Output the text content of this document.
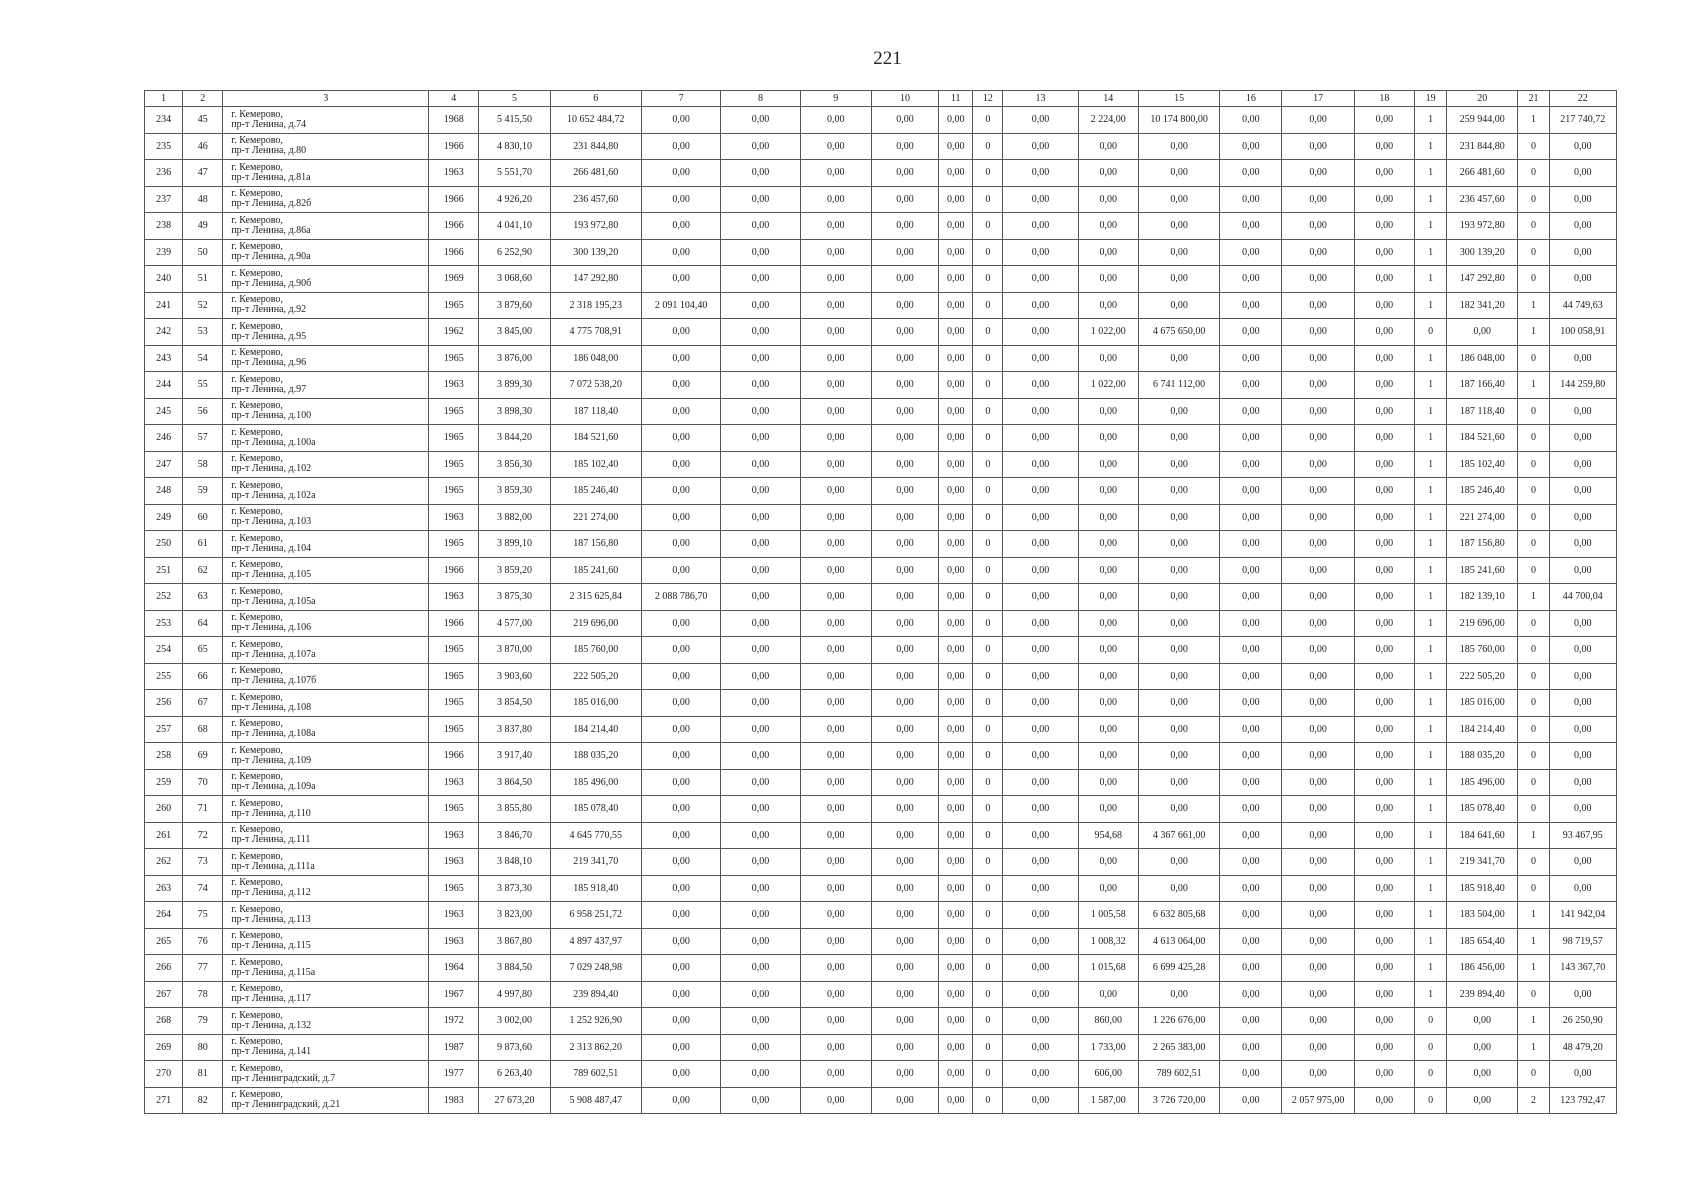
221
1	2	3	4	5	6	7	8	9	10	11	12	13	14	15	16	17	18	19	20	21	22
234	45	г. Кемерово,
пр-т Ленина, д.74	1968	5 415,50	10 652 484,72	0,00	0,00	0,00	0,00	0,00	0	0,00	2 224,00	10 174 800,00	0,00	0,00	0,00	1	259 944,00	1	217 740,72
235	46	г. Кемерово,
пр-т Ленина, д.80	1966	4 830,10	231 844,80	0,00	0,00	0,00	0,00	0,00	0	0,00	0,00	0,00	0,00	0,00	0,00	1	231 844,80	0	0,00
236	47	г. Кемерово,
пр-т Ленина, д.81а	1963	5 551,70	266 481,60	0,00	0,00	0,00	0,00	0,00	0	0,00	0,00	0,00	0,00	0,00	0,00	1	266 481,60	0	0,00
237	48	г. Кемерово,
пр-т Ленина, д.82б	1966	4 926,20	236 457,60	0,00	0,00	0,00	0,00	0,00	0	0,00	0,00	0,00	0,00	0,00	0,00	1	236 457,60	0	0,00
238	49	г. Кемерово,
пр-т Ленина, д.86а	1966	4 041,10	193 972,80	0,00	0,00	0,00	0,00	0,00	0	0,00	0,00	0,00	0,00	0,00	0,00	1	193 972,80	0	0,00
239	50	г. Кемерово,
пр-т Ленина, д.90а	1966	6 252,90	300 139,20	0,00	0,00	0,00	0,00	0,00	0	0,00	0,00	0,00	0,00	0,00	0,00	1	300 139,20	0	0,00
240	51	г. Кемерово,
пр-т Ленина, д.90б	1969	3 068,60	147 292,80	0,00	0,00	0,00	0,00	0,00	0	0,00	0,00	0,00	0,00	0,00	0,00	1	147 292,80	0	0,00
241	52	г. Кемерово,
пр-т Ленина, д.92	1965	3 879,60	2 318 195,23	2 091 104,40	0,00	0,00	0,00	0,00	0	0,00	0,00	0,00	0,00	0,00	0,00	1	182 341,20	1	44 749,63
242	53	г. Кемерово,
пр-т Ленина, д.95	1962	3 845,00	4 775 708,91	0,00	0,00	0,00	0,00	0,00	0	0,00	1 022,00	4 675 650,00	0,00	0,00	0,00	0	0,00	1	100 058,91
243	54	г. Кемерово,
пр-т Ленина, д.96	1965	3 876,00	186 048,00	0,00	0,00	0,00	0,00	0,00	0	0,00	0,00	0,00	0,00	0,00	0,00	1	186 048,00	0	0,00
244	55	г. Кемерово,
пр-т Ленина, д.97	1963	3 899,30	7 072 538,20	0,00	0,00	0,00	0,00	0,00	0	0,00	1 022,00	6 741 112,00	0,00	0,00	0,00	1	187 166,40	1	144 259,80
245	56	г. Кемерово,
пр-т Ленина, д.100	1965	3 898,30	187 118,40	0,00	0,00	0,00	0,00	0,00	0	0,00	0,00	0,00	0,00	0,00	0,00	1	187 118,40	0	0,00
246	57	г. Кемерово,
пр-т Ленина, д.100а	1965	3 844,20	184 521,60	0,00	0,00	0,00	0,00	0,00	0	0,00	0,00	0,00	0,00	0,00	0,00	1	184 521,60	0	0,00
247	58	г. Кемерово,
пр-т Ленина, д.102	1965	3 856,30	185 102,40	0,00	0,00	0,00	0,00	0,00	0	0,00	0,00	0,00	0,00	0,00	0,00	1	185 102,40	0	0,00
248	59	г. Кемерово,
пр-т Ленина, д.102а	1965	3 859,30	185 246,40	0,00	0,00	0,00	0,00	0,00	0	0,00	0,00	0,00	0,00	0,00	0,00	1	185 246,40	0	0,00
249	60	г. Кемерово,
пр-т Ленина, д.103	1963	3 882,00	221 274,00	0,00	0,00	0,00	0,00	0,00	0	0,00	0,00	0,00	0,00	0,00	0,00	1	221 274,00	0	0,00
250	61	г. Кемерово,
пр-т Ленина, д.104	1965	3 899,10	187 156,80	0,00	0,00	0,00	0,00	0,00	0	0,00	0,00	0,00	0,00	0,00	0,00	1	187 156,80	0	0,00
251	62	г. Кемерово,
пр-т Ленина, д.105	1966	3 859,20	185 241,60	0,00	0,00	0,00	0,00	0,00	0	0,00	0,00	0,00	0,00	0,00	0,00	1	185 241,60	0	0,00
252	63	г. Кемерово,
пр-т Ленина, д.105а	1963	3 875,30	2 315 625,84	2 088 786,70	0,00	0,00	0,00	0,00	0	0,00	0,00	0,00	0,00	0,00	0,00	1	182 139,10	1	44 700,04
253	64	г. Кемерово,
пр-т Ленина, д.106	1966	4 577,00	219 696,00	0,00	0,00	0,00	0,00	0,00	0	0,00	0,00	0,00	0,00	0,00	0,00	1	219 696,00	0	0,00
254	65	г. Кемерово,
пр-т Ленина, д.107а	1965	3 870,00	185 760,00	0,00	0,00	0,00	0,00	0,00	0	0,00	0,00	0,00	0,00	0,00	0,00	1	185 760,00	0	0,00
255	66	г. Кемерово,
пр-т Ленина, д.107б	1965	3 903,60	222 505,20	0,00	0,00	0,00	0,00	0,00	0	0,00	0,00	0,00	0,00	0,00	0,00	1	222 505,20	0	0,00
256	67	г. Кемерово,
пр-т Ленина, д.108	1965	3 854,50	185 016,00	0,00	0,00	0,00	0,00	0,00	0	0,00	0,00	0,00	0,00	0,00	0,00	1	185 016,00	0	0,00
257	68	г. Кемерово,
пр-т Ленина, д.108а	1965	3 837,80	184 214,40	0,00	0,00	0,00	0,00	0,00	0	0,00	0,00	0,00	0,00	0,00	0,00	1	184 214,40	0	0,00
258	69	г. Кемерово,
пр-т Ленина, д.109	1966	3 917,40	188 035,20	0,00	0,00	0,00	0,00	0,00	0	0,00	0,00	0,00	0,00	0,00	0,00	1	188 035,20	0	0,00
259	70	г. Кемерово,
пр-т Ленина, д.109а	1963	3 864,50	185 496,00	0,00	0,00	0,00	0,00	0,00	0	0,00	0,00	0,00	0,00	0,00	0,00	1	185 496,00	0	0,00
260	71	г. Кемерово,
пр-т Ленина, д.110	1965	3 855,80	185 078,40	0,00	0,00	0,00	0,00	0,00	0	0,00	0,00	0,00	0,00	0,00	0,00	1	185 078,40	0	0,00
261	72	г. Кемерово,
пр-т Ленина, д.111	1963	3 846,70	4 645 770,55	0,00	0,00	0,00	0,00	0,00	0	0,00	954,68	4 367 661,00	0,00	0,00	0,00	1	184 641,60	1	93 467,95
262	73	г. Кемерово,
пр-т Ленина, д.111а	1963	3 848,10	219 341,70	0,00	0,00	0,00	0,00	0,00	0	0,00	0,00	0,00	0,00	0,00	0,00	1	219 341,70	0	0,00
263	74	г. Кемерово,
пр-т Ленина, д.112	1965	3 873,30	185 918,40	0,00	0,00	0,00	0,00	0,00	0	0,00	0,00	0,00	0,00	0,00	0,00	1	185 918,40	0	0,00
264	75	г. Кемерово,
пр-т Ленина, д.113	1963	3 823,00	6 958 251,72	0,00	0,00	0,00	0,00	0,00	0	0,00	1 005,58	6 632 805,68	0,00	0,00	0,00	1	183 504,00	1	141 942,04
265	76	г. Кемерово,
пр-т Ленина, д.115	1963	3 867,80	4 897 437,97	0,00	0,00	0,00	0,00	0,00	0	0,00	1 008,32	4 613 064,00	0,00	0,00	0,00	1	185 654,40	1	98 719,57
266	77	г. Кемерово,
пр-т Ленина, д.115а	1964	3 884,50	7 029 248,98	0,00	0,00	0,00	0,00	0,00	0	0,00	1 015,68	6 699 425,28	0,00	0,00	0,00	1	186 456,00	1	143 367,70
267	78	г. Кемерово,
пр-т Ленина, д.117	1967	4 997,80	239 894,40	0,00	0,00	0,00	0,00	0,00	0	0,00	0,00	0,00	0,00	0,00	0,00	1	239 894,40	0	0,00
268	79	г. Кемерово,
пр-т Ленина, д.132	1972	3 002,00	1 252 926,90	0,00	0,00	0,00	0,00	0,00	0	0,00	860,00	1 226 676,00	0,00	0,00	0,00	0	0,00	1	26 250,90
269	80	г. Кемерово,
пр-т Ленина, д.141	1987	9 873,60	2 313 862,20	0,00	0,00	0,00	0,00	0,00	0	0,00	1 733,00	2 265 383,00	0,00	0,00	0,00	0	0,00	1	48 479,20
270	81	г. Кемерово,
пр-т Ленинградский, д.7	1977	6 263,40	789 602,51	0,00	0,00	0,00	0,00	0,00	0	0,00	606,00	789 602,51	0,00	0,00	0,00	0	0,00	0	0,00
271	82	г. Кемерово,
пр-т Ленинградский, д.21	1983	27 673,20	5 908 487,47	0,00	0,00	0,00	0,00	0,00	0	0,00	1 587,00	3 726 720,00	0,00	2 057 975,00	0,00	0	0,00	2	123 792,47
